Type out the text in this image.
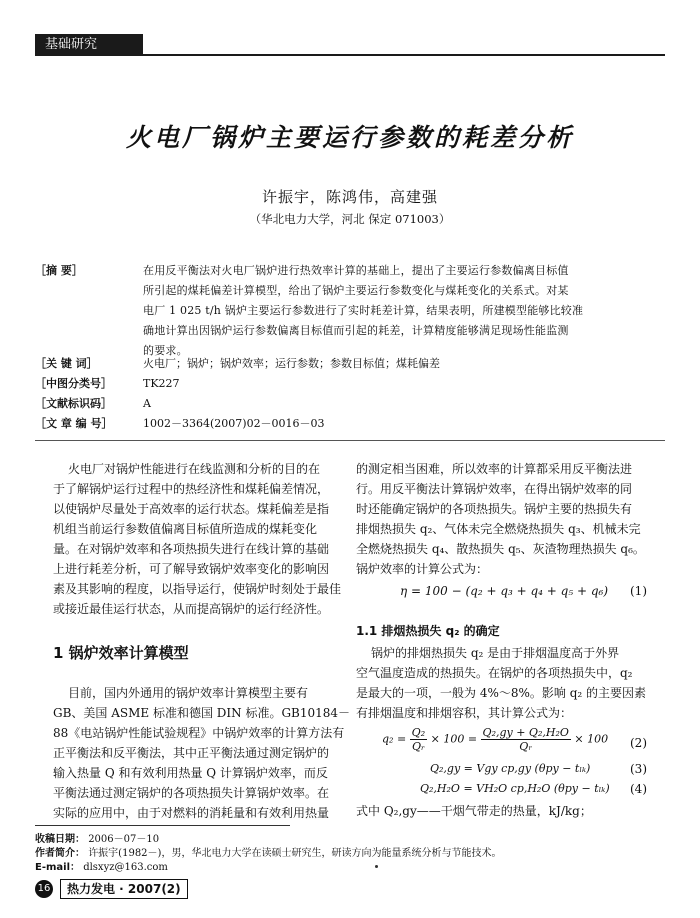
基础研究
火电厂锅炉主要运行参数的耗差分析
许振宇，陈鸿伟，高建强
（华北电力大学，河北 保定 071003）
［摘 要］	在用反平衡法对火电厂锅炉进行热效率计算的基础上，提出了主要运行参数偏离目标值
所引起的煤耗偏差计算模型，给出了锅炉主要运行参数变化与煤耗变化的关系式。对某
电厂 1 025 t/h 锅炉主要运行参数进行了实时耗差计算，结果表明，所建模型能够比较准
确地计算出因锅炉运行参数偏离目标值而引起的耗差，计算精度能够满足现场性能监测
的要求。
［关 键 词］	火电厂；锅炉；锅炉效率；运行参数；参数目标值；煤耗偏差
［中图分类号］	TK227
［文献标识码］	A
［文 章 编 号］	1002－3364(2007)02－0016－03
火电厂对锅炉性能进行在线监测和分析的目的在
于了解锅炉运行过程中的热经济性和煤耗偏差情况，
以使锅炉尽量处于高效率的运行状态。煤耗偏差是指
机组当前运行参数值偏离目标值所造成的煤耗变化
量。在对锅炉效率和各项热损失进行在线计算的基础
上进行耗差分析，可了解导致锅炉效率变化的影响因
素及其影响的程度，以指导运行，使锅炉时刻处于最佳
或接近最佳运行状态，从而提高锅炉的运行经济性。
1 锅炉效率计算模型
目前，国内外通用的锅炉效率计算模型主要有
GB、美国 ASME 标准和德国 DIN 标准。GB10184－
88《电站锅炉性能试验规程》中锅炉效率的计算方法有
正平衡法和反平衡法，其中正平衡法通过测定锅炉的
输入热量 Q 和有效利用热量 Q 计算锅炉效率，而反
平衡法通过测定锅炉的各项热损失计算锅炉效率。在
实际的应用中，由于对燃料的消耗量和有效利用热量
的测定相当困难，所以效率的计算都采用反平衡法进
行。用反平衡法计算锅炉效率，在得出锅炉效率的同
时还能确定锅炉的各项热损失。锅炉主要的热损失有
排烟热损失 q₂、气体未完全燃烧热损失 q₃、机械未完
全燃烧热损失 q₄、散热损失 q₅、灰渣物理热损失 q₆。
锅炉效率的计算公式为：
η = 100 − (q₂ + q₃ + q₄ + q₅ + q₆) (1)
1.1 排烟热损失 q₂ 的确定
锅炉的排烟热损失 q₂ 是由于排烟温度高于外界
空气温度造成的热损失。在锅炉的各项热损失中，q₂
是最大的一项，一般为 4%～8%。影响 q₂ 的主要因素
有排烟温度和排烟容积，其计算公式为：
$q_2 = \frac{\text{Q₂}}{\text{Qᵣ}} \times 100 = \frac{\text{Q₂,gy + Q₂,H₂O}}{\text{Qᵣ}} \times 100$ (2)
Q₂,gy = Vgy cp,gy (θpy − tₗₖ)	(3)
Q₂,H₂O = VH₂O cp,H₂O (θpy − tₗₖ) (4)
式中 Q₂,gy——干烟气带走的热量，kJ/kg；
收稿日期： 2006－07－10
作者简介： 许振宇(1982－)，男，华北电力大学在读硕士研究生，研读方向为能量系统分析与节能技术。
E-mail： dlsxyz@163.com
16	热力发电 · 2007(2)
